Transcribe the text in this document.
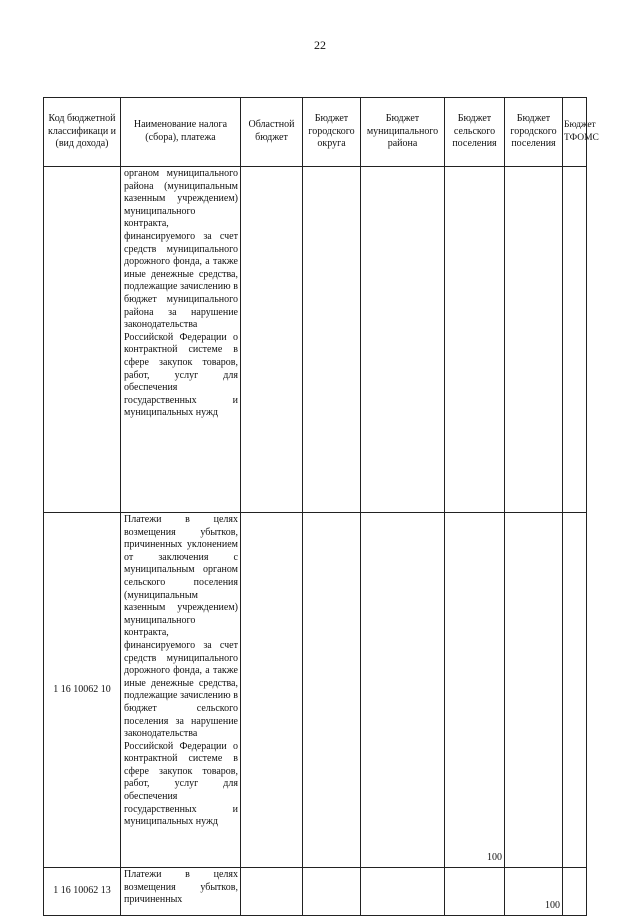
22
Код бюджетной классификаци и (вид дохода)	Наименование налога (сбора), платежа	Областной бюджет	Бюджет городского округа	Бюджет муниципального района	Бюджет сельского поселения	Бюджет городского поселения	Бюджет ТФОМС

	органом муниципального района (муниципальным казенным учреждением) муниципального контракта, финансируемого за счет средств муниципального дорожного фонда, а также иные денежные средства, подлежащие зачислению в бюджет муниципального района за нарушение законодательства Российской Федерации о контрактной системе в сфере закупок товаров, работ, услуг для обеспечения государственных и муниципальных нужд						

1 16 10062 10	Платежи в целях возмещения убытков, причиненных уклонением от заключения с муниципальным органом сельского поселения (муниципальным казенным учреждением) муниципального контракта, финансируемого за счет средств муниципального дорожного фонда, а также иные денежные средства, подлежащие зачислению в бюджет сельского поселения за нарушение законодательства Российской Федерации о контрактной системе в сфере закупок товаров, работ, услуг для обеспечения государственных и муниципальных нужд				100		
1 16 10062 13	Платежи в целях возмещения убытков, причиненных					100	
